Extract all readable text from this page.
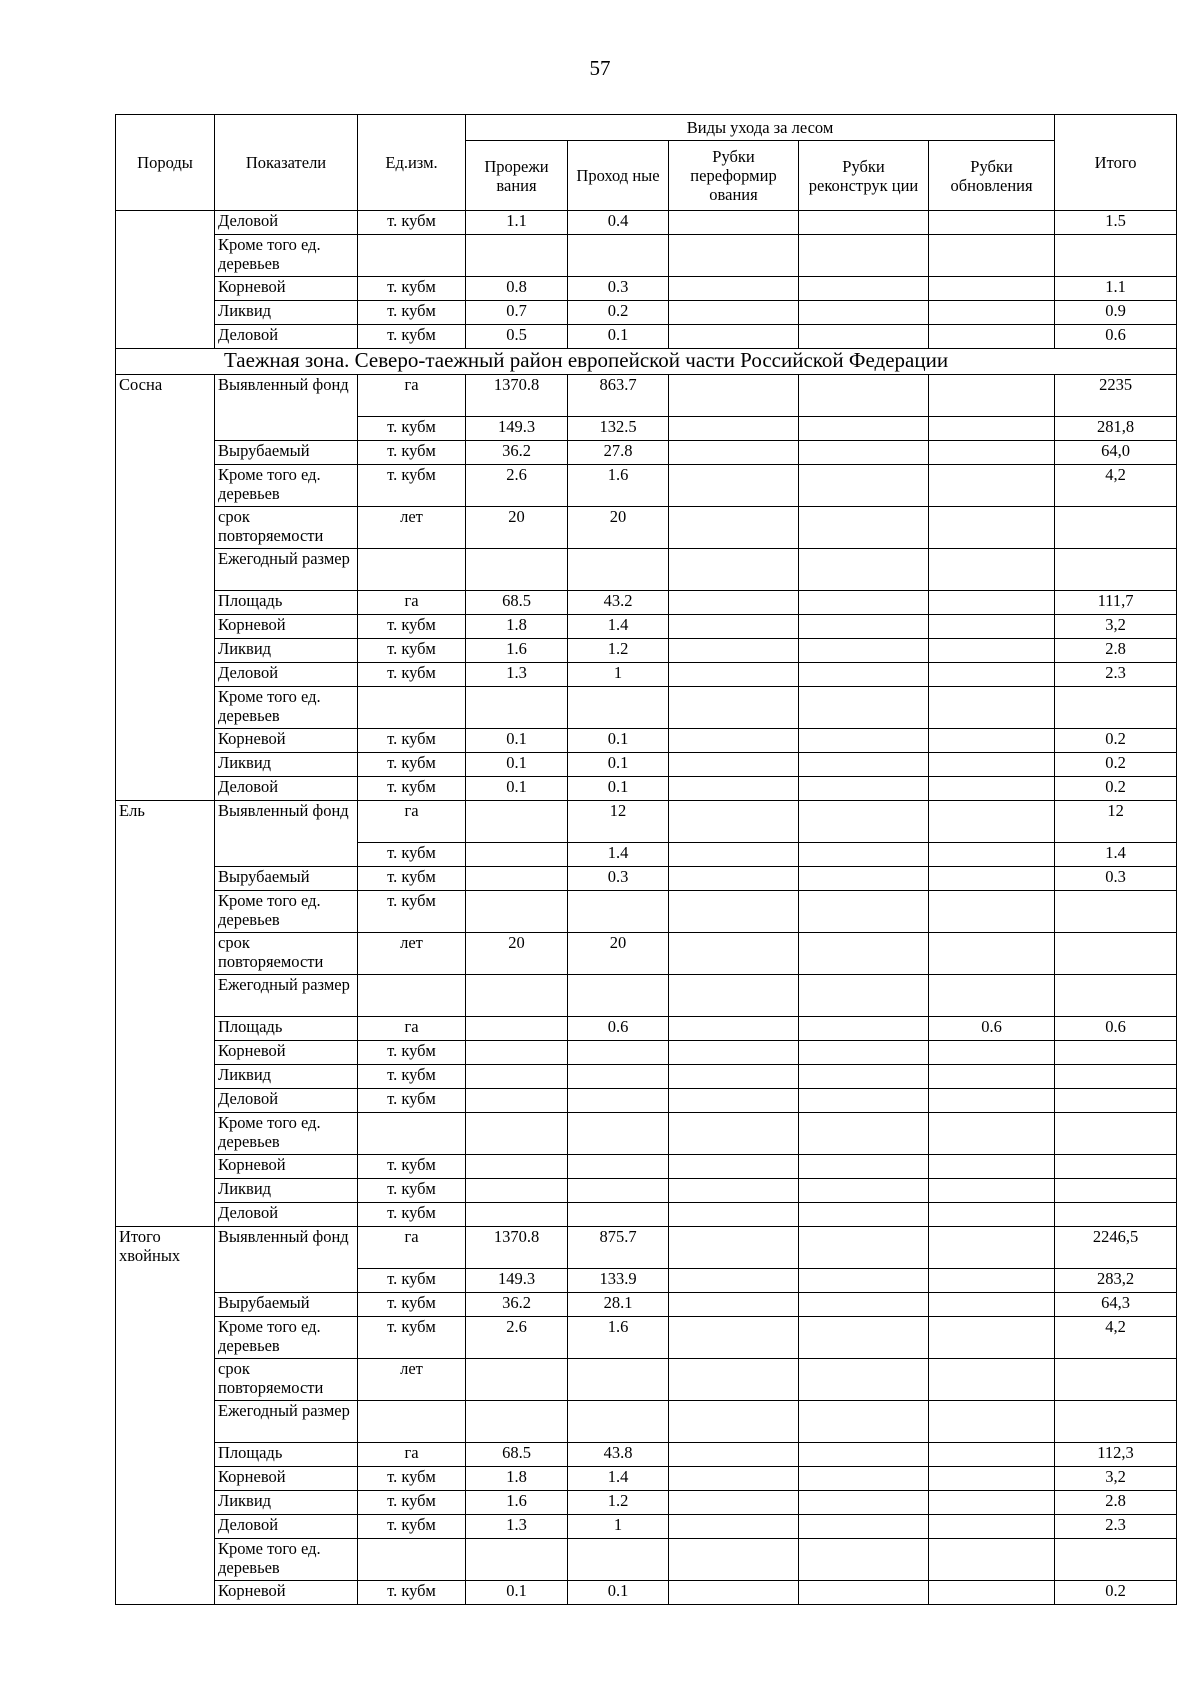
57
Породы	Показатели	Ед.изм.	Виды ухода за лесом					Итого
			Прорежи вания	Проход ные	Рубки переформир ования	Рубки реконструк ции	Рубки обновления	
	Деловой	т. кубм	1.1	0.4				1.5
	Кроме того ед. деревьев							
	Корневой	т. кубм	0.8	0.3				1.1
	Ликвид	т. кубм	0.7	0.2				0.9
	Деловой	т. кубм	0.5	0.1				0.6
Таежная зона. Северо-таежный район европейской части Российской Федерации								
Сосна	Выявленный фонд	га	1370.8	863.7				2235
		т. кубм	149.3	132.5				281,8
	Вырубаемый	т. кубм	36.2	27.8				64,0
	Кроме того ед. деревьев	т. кубм	2.6	1.6				4,2
	срок повторяемости	лет	20	20				
	Ежегодный размер							
	Площадь	га	68.5	43.2				111,7
	Корневой	т. кубм	1.8	1.4				3,2
	Ликвид	т. кубм	1.6	1.2				2.8
	Деловой	т. кубм	1.3	1				2.3
	Кроме того ед. деревьев							
	Корневой	т. кубм	0.1	0.1				0.2
	Ликвид	т. кубм	0.1	0.1				0.2
	Деловой	т. кубм	0.1	0.1				0.2
Ель	Выявленный фонд	га		12				12
		т. кубм		1.4				1.4
	Вырубаемый	т. кубм		0.3				0.3
	Кроме того ед. деревьев	т. кубм						
	срок повторяемости	лет	20	20				
	Ежегодный размер							
	Площадь	га		0.6			0.6	0.6
	Корневой	т. кубм						
	Ликвид	т. кубм						
	Деловой	т. кубм						
	Кроме того ед. деревьев							
	Корневой	т. кубм						
	Ликвид	т. кубм						
	Деловой	т. кубм						
Итого хвойных	Выявленный фонд	га	1370.8	875.7				2246,5
		т. кубм	149.3	133.9				283,2
	Вырубаемый	т. кубм	36.2	28.1				64,3
	Кроме того ед. деревьев	т. кубм	2.6	1.6				4,2
	срок повторяемости	лет						
	Ежегодный размер							
	Площадь	га	68.5	43.8				112,3
	Корневой	т. кубм	1.8	1.4				3,2
	Ликвид	т. кубм	1.6	1.2				2.8
	Деловой	т. кубм	1.3	1				2.3
	Кроме того ед. деревьев							
	Корневой	т. кубм	0.1	0.1				0.2
